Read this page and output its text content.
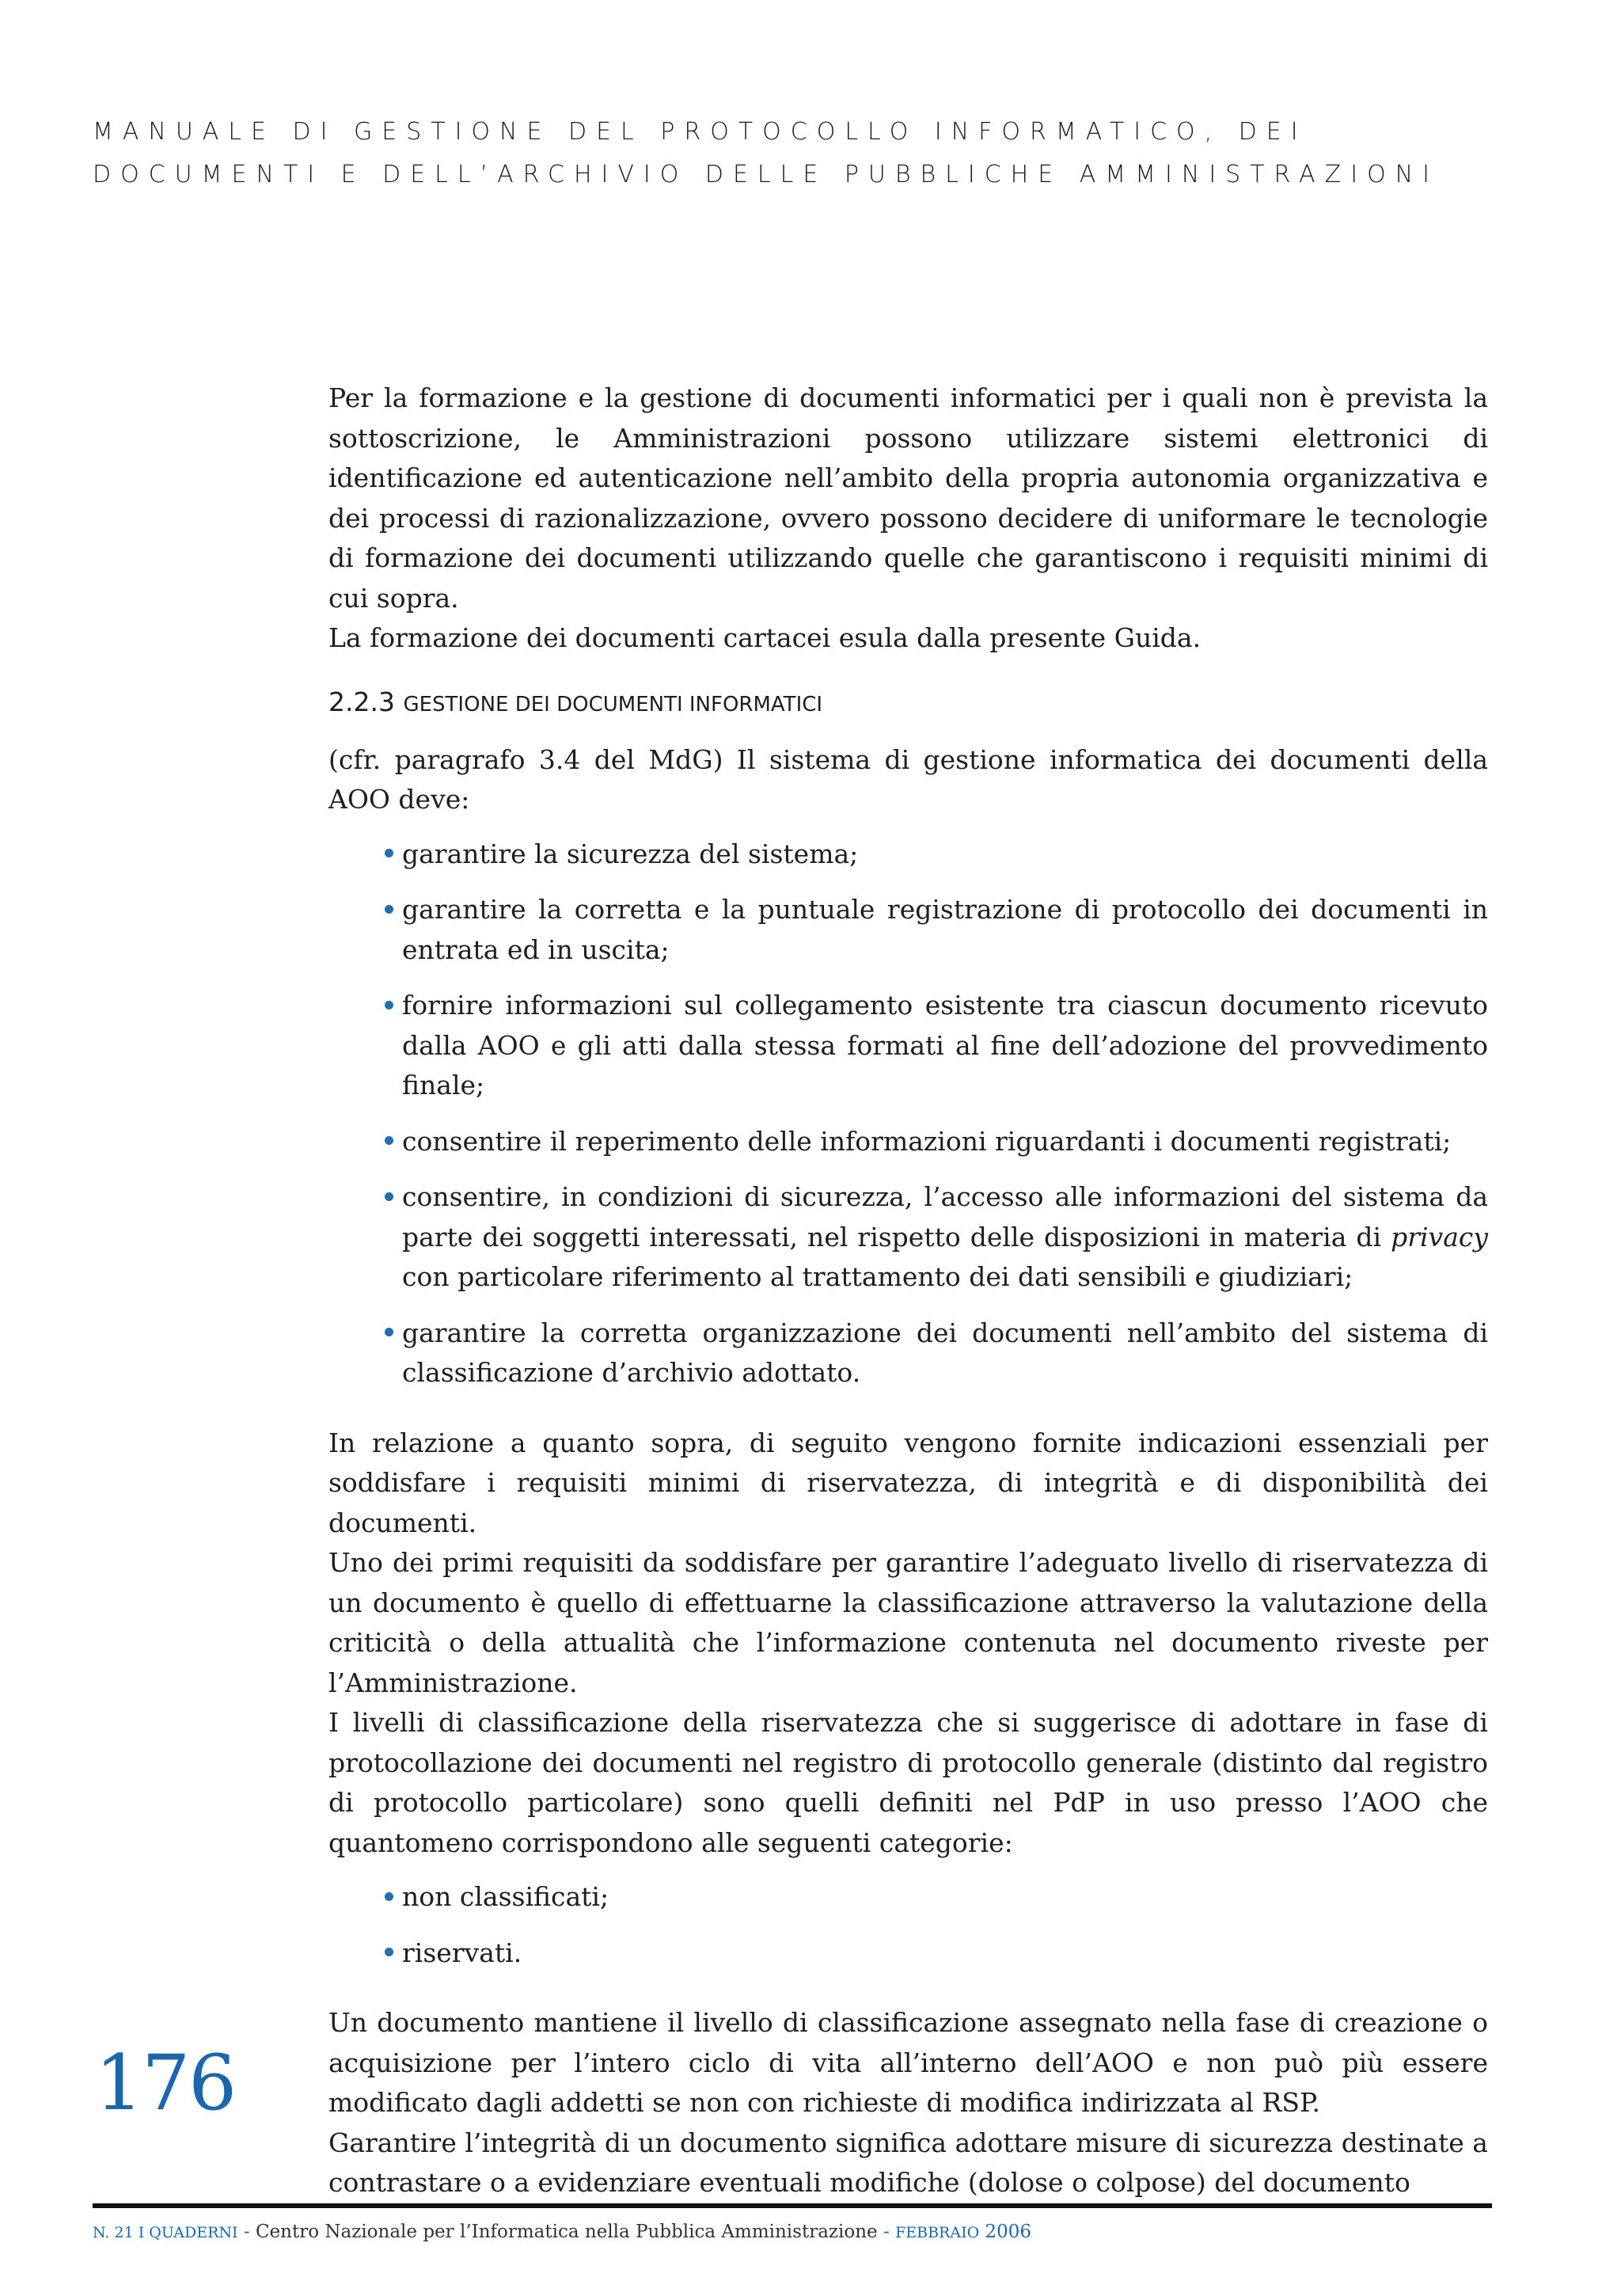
MANUALE DI GESTIONE DEL PROTOCOLLO INFORMATICO, DEI
DOCUMENTI E DELL’ARCHIVIO DELLE PUBBLICHE AMMINISTRAZIONI

Per la formazione e la gestione di documenti informatici per i quali non è prevista la sottoscrizione, le Amministrazioni possono utilizzare sistemi elettronici di identificazione ed autenticazione nell’ambito della propria autonomia organizzativa e dei processi di razionalizzazione, ovvero possono decidere di uniformare le tecnologie di formazione dei documenti utilizzando quelle che garantiscono i requisiti minimi di cui sopra.

La formazione dei documenti cartacei esula dalla presente Guida.

2.2.3 GESTIONE DEI DOCUMENTI INFORMATICI

(cfr. paragrafo 3.4 del MdG) Il sistema di gestione informatica dei documenti della AOO deve:

garantire la sicurezza del sistema;
garantire la corretta e la puntuale registrazione di protocollo dei documenti in entrata ed in uscita;
fornire informazioni sul collegamento esistente tra ciascun documento ricevuto dalla AOO e gli atti dalla stessa formati al fine dell’adozione del provvedimento finale;
consentire il reperimento delle informazioni riguardanti i documenti registrati;
consentire, in condizioni di sicurezza, l’accesso alle informazioni del sistema da parte dei soggetti interessati, nel rispetto delle disposizioni in materia di privacy con particolare riferimento al trattamento dei dati sensibili e giudiziari;
garantire la corretta organizzazione dei documenti nell’ambito del sistema di classificazione d’archivio adottato.

In relazione a quanto sopra, di seguito vengono fornite indicazioni essenziali per soddisfare i requisiti minimi di riservatezza, di integrità e di disponibilità dei documenti.

Uno dei primi requisiti da soddisfare per garantire l’adeguato livello di riservatezza di un documento è quello di effettuarne la classificazione attraverso la valutazione della criticità o della attualità che l’informazione contenuta nel documento riveste per l’Amministrazione.

I livelli di classificazione della riservatezza che si suggerisce di adottare in fase di protocollazione dei documenti nel registro di protocollo generale (distinto dal registro di protocollo particolare) sono quelli definiti nel PdP in uso presso l’AOO che quantomeno corrispondono alle seguenti categorie:

non classificati;
riservati.

Un documento mantiene il livello di classificazione assegnato nella fase di creazione o acquisizione per l’intero ciclo di vita all’interno dell’AOO e non può più essere modificato dagli addetti se non con richieste di modifica indirizzata al RSP.

Garantire l’integrità di un documento significa adottare misure di sicurezza destinate a contrastare o a evidenziare eventuali modifiche (dolose o colpose) del documento

176
N. 21 I QUADERNI - Centro Nazionale per l’Informatica nella Pubblica Amministrazione - FEBBRAIO 2006
